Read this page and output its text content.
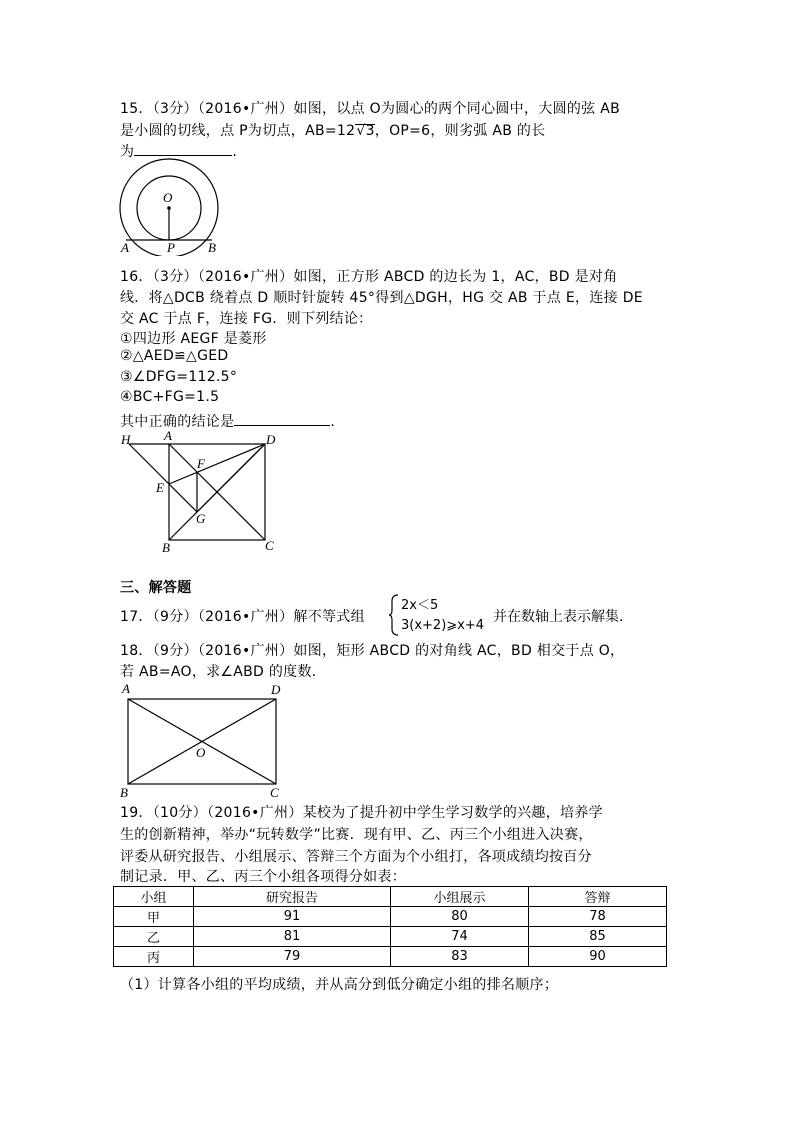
15．（3分）（2016•广州）如图，以点 O为圆心的两个同心圆中，大圆的弦 AB
是小圆的切线，点 P为切点，AB=12√3，OP=6，则劣弧 AB 的长
为	.
O
P
A	B
16．（3分）（2016•广州）如图，正方形 ABCD 的边长为 1，AC，BD 是对角
线．将△DCB 绕着点 D 顺时针旋转 45°得到△DGH，HG 交 AB 于点 E，连接 DE
交 AC 于点 F，连接 FG．则下列结论：
①四边形 AEGF 是菱形
②△AED≌△GED
③∠DFG=112.5°
④BC+FG=1.5
其中正确的结论是	.
H	A	D
F
E
G
B	C
三、解答题
17．（9分）（2016•广州）解不等式组
2x＜5
3(x+2)⩾x+4
并在数轴上表示解集．
18．（9分）（2016•广州）如图，矩形 ABCD 的对角线 AC，BD 相交于点 O，
若 AB=AO，求∠ABD 的度数．
A	D
O
B	C
19．（10分）（2016•广州）某校为了提升初中学生学习数学的兴趣，培养学
生的创新精神，举办“玩转数学”比赛．现有甲、乙、丙三个小组进入决赛，
评委从研究报告、小组展示、答辩三个方面为个小组打，各项成绩均按百分
制记录．甲、乙、丙三个小组各项得分如表：
小组	研究报告	小组展示	答辩
甲	91	80	78
乙	81	74	85
丙	79	83	90
（1）计算各小组的平均成绩，并从高分到低分确定小组的排名顺序；
